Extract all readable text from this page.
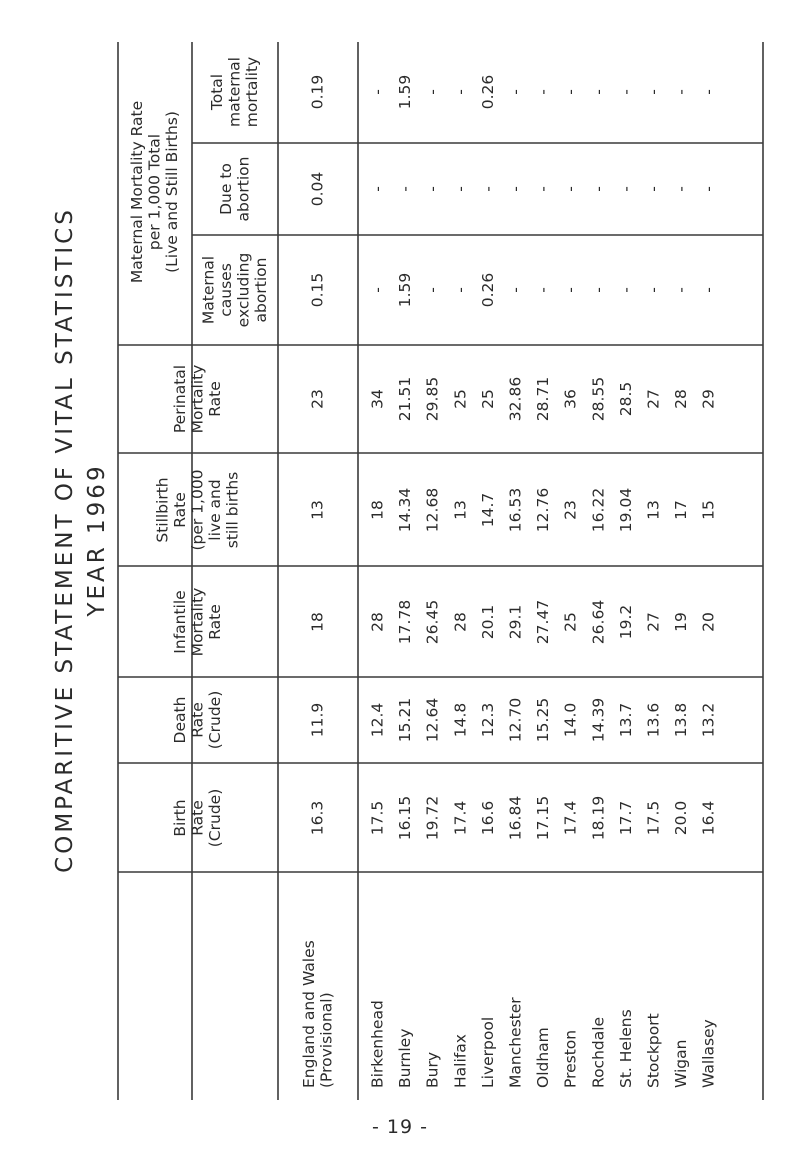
COMPARITIVE STATEMENT OF VITAL STATISTICS YEAR 1969
Maternal Mortality Rate per 1,000 Total (Live and Still Births)
Birth Rate (Crude)
Death Rate (Crude)
Infantile Mortality Rate
Stillbirth Rate (per 1,000 live and still births
Perinatal Mortality Rate
Maternal causes excluding abortion
Due to abortion
Total maternal mortality
England and Wales (Provisional)
16.3
11.9
18
13
23
0.15
0.04
0.19
Birkenhead
17.5
12.4
28
18
34
-
-
-
Burnley
16.15
15.21
17.78
14.34
21.51
1.59
-
1.59
Bury
19.72
12.64
26.45
12.68
29.85
-
-
-
Halifax
17.4
14.8
28
13
25
-
-
-
Liverpool
16.6
12.3
20.1
14.7
25
0.26
-
0.26
Manchester
16.84
12.70
29.1
16.53
32.86
-
-
-
Oldham
17.15
15.25
27.47
12.76
28.71
-
-
-
Preston
17.4
14.0
25
23
36
-
-
-
Rochdale
18.19
14.39
26.64
16.22
28.55
-
-
-
St. Helens
17.7
13.7
19.2
19.04
28.5
-
-
-
Stockport
17.5
13.6
27
13
27
-
-
-
Wigan
20.0
13.8
19
17
28
-
-
-
Wallasey
16.4
13.2
20
15
29
-
-
-
- 19 -
